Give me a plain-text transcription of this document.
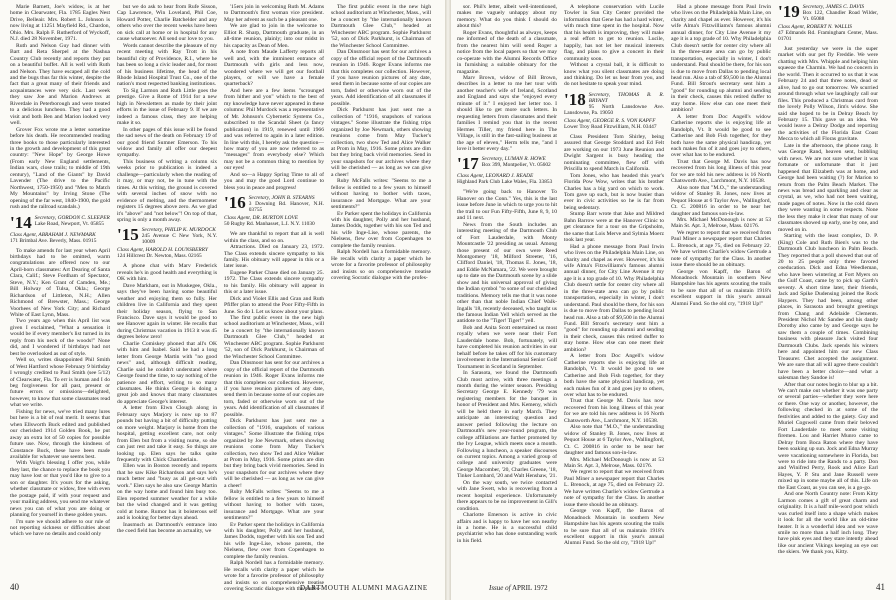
Marie Barnett, Joe's widow, is at her home in Clearwater, Fla. 1785 Eagles Nest Drive, Belleair. Mrs. Robert L. Johnson is now living at 11251 Mayfield Rd., Chardon, Ohio. Mrs. Ralph F. Rutherford of Wyckoff, N.J. died 28 November, 1971.

Ruth and Nelson Guy had dinner with Bart and Reta Sherpel at the Nashua Country Club recently and reports they put on a beautiful buffet. All is well with Ruth and Nelson. They have escaped all the cold and the bugs thus far this winter, despite the fact that a great many of their friends and acquaintances were very sick. Last week they saw Joe and Marion Andrews at Riverdale in Peterborough and were treated to a delicious luncheon. They had a good visit and both Ben and Marion looked very well.

Grover Fox wrote me a letter sometime before his death. He recommended reading three books to those particularly interested in the growth and development of this great country: "New Hope" by George Howe (From early New England settlements, Indian wars, close trails; to middle of 19th century), "Land of the Giants" by David Lavender (The drive to the Pacific Northwest, 1750-1950) and "Men to Match My Mountains" by Irving Stone (The opening of the far west, 1840-1900, the gold rush and the railroad scandals.)

'14 Secretary, GORDON C. SLEEPER
Lake Road, Newport, Vt. 05855
Class Agent, ABRAHAM J. NEWMARK
171 Brimbal Ave. Beverly, Mass. 01915

To make amends for last year when April birthdays had to be omitted, warm congratulations are offered now to our April-born classmates: Art Dearing of Santa Clara, Calif.; Steve Fordham of Spectator, Steve, N.Y.; Ken Grant of Camden, Me.; Bill Holway of Tulsa, Okla.; George Richardson of Littleton, N.H.; Allen Richmond of Brewster, Mass.; George Voorhees of New York City; and Richard White of East Lynn, Mass.

Two years ago when this April list was given I exclaimed, "What a sensation it would be if every member's list turned in its reply from his neck of the woods!" None did, and I wondered if birthdays had not best be overlooked as out of style.

Well so, writes disappointed Phil Smith of West Hartford whose February 9 birthday I wrongly credited to Paul Smith (see 5/12) of Clearwater, Fla. To err is human and I do beg forgiveness for all past, present or future errors or omissions—delighted, however, to know that some classmates read what we write.

Fishing for news, we've tried many lures but here is a bit of real merit. It seems that when Ellsworth Buck edited and published our cherished 1914 Golden Book, he put away an extra lot of 50 copies for possible future use. Now, through the kindness of Constance Buck, these have been made available for whatever use seems best.

With Voigt's blessing I offer you, while they last, the chance to replace the book you may have lost or that you'd like to give to a son or daughter. It's yours for the asking, whether classmate or widow, free with even the postage paid, if with your request and your mailing address, you send me whatever news you can of what you are doing or planning for yourself in these golden years.

I'm sure we should adhere to our rule of not reporting sickness or difficulties about which we have no details and could only

but we do ask to hear from Rufe Sisson, Cap Lawrence, Win Loveland, Phil Coe, Howard Potter, Charlie Batchelder and any others who over the recent weeks have been on sick call at home or in hospital for any cause whatsoever. All send our love to you.

Words cannot describe the pleasure of my recent meeting with Ray Trott in his beautiful city of Providence, R.I., where he has been so long a civic leader and, for most of his business lifetime, the head of the Rhode Island Hospital Trust Co., one of the nation's most respected banking institutions.

To Sig Larmon and Ruth Little goes the prestige. Give a Rome of 1914 for a new high in Newsletters as made by their joint efforts in the issue of February 9. If we are indeed a famous class, they are helping make it so.

In other pages of this issue will be found the sad news of the death on February 19 of our good friend Sumner Emerson. To his widow and family all offer our deepest sympathy.

This business of writing a column six weeks prior to publication is indeed a challenge—particularly when the reading of it may, or may not, be in tune with the times. At this writing, the ground is covered with several inches of snow with no evidence of melting, and the thermometer registers 15 degrees above zero. As we glad it's "above" and "not below"! On top of that, spring is only a month away.

'15 Secretary, PHILIP K. MURDOCK
245 Avenue C New York, N.Y. 10009
Class Agent, HAROLD H. LOUNSBERRY
124 Hillcrest Dr. Newton, Mass. 02165

A phone chat with Marv Frederick reveals he's in good health and everything is OK with him.

Dave Markham, out in Muskegee, Okla., says they've been having some beautiful weather and enjoying them so fully. Her children live in California and they spent their holiday season, flying to San Francisco. Dave says it would be good to see Hanover again in winter. He recalls that during Christmas vacation in 1913 it was 45 degrees below zero!

Charlie Comiskey phoned that all's OK with him and Isabel. Said he had a long letter from George Martin with "no good news" and, although difficult reading, Charlie said he couldn't understand where George found the time, to say nothing of the patience and effort, writing to so many classmates. He thinks George is doing a great job and knows that many classmates do appreciate George's interest.

A letter from Elwn Clough along in February says Marjory is now up to 87 pounds but having a bit of difficulty putting on more weight. Marjory is home from the hospital, getting excellent care, not only from Elen but from a visiting nurse, so she can just rest and take it easy. So things are looking up. Elen says he talks quite frequently with Chick Chamberlain.

Ellen was in Boston recently and reports that he saw Kike Richardson and says he's much better and "busy as all get-out with work." Elen says he also saw George Martin on the way home and found him busy too. Elen reported summer weather for a while but the wind changed and it was getting cold at home. Rumor has it boisterous self and is looking for better days ahead.

Inasmuch as Dartmouth's entrance into the coed field has become an actuality, we

'15ers join in welcoming Ruth M. Adams to Dartmouth's first woman vice president. May her advent as such be a pleasant one.

We are glad to join in the welcome to Elliot R. Sharp, Dartmouth graduate, in an all-time reunion, plainly; into our midst in his capacity as Dean of Men.

A note from Maude Lafferty reports all well and, with the imminent entrance of Dartmouth with girls and less now, wondered where we will get our football players, or will we have a female quarterback?

And here are a few items "scrounged from hither and yon" which to the best of my knowledge have never appeared in these columns: Phil Murdock was a representative of Mr. Johnson's Cybernetic Systems Co., subscribed to the Scandal Sheet (a fancy publication) in 1919, renewed until 1966 and was referred to again in a later edition. In line with this, I hereby ask the question—how many of you are now referred to as "messages" from everybody else? Which may not be a common thing to mention by our eyes!

And so—a Happy Spring Time to all of you and may the good Lord continue to bless you in peace and progress!

'16 Secretary, JOHN B. STEARNS
3 Downing Rd. Hanover, N.H. 03755
Class Agent, DR. BURTON LOVE
50 Rugby Rd. Manhasset, L.I. N.Y. 11030

We are thankful to report that all is well within the class, and so on.

Attractions. Died on January 23, 1972. The Class extends sincere sympathy to his family. His obituary will appear in this or a later issue.

Eugene Parker Chase died on January 25. 1972. The Class extends sincere sympathy to his family. His obituary will appear in this or a later issue.

Dick and Violet Ellis and Gran and Ruth Pfiffer plan to attend the Poor Fifty-Fifth in June. So do I. Let us know about your plans.

The first public event in the new high school auditorium at Winchester, Mass., will be a concert by "the internationally known Dartmouth Glee Club," headed at Winchester ABC program. Sophie Parkhurst '52, son of Dick Parkhurst, is Chairman of the Winchester School Committee.

Dan Dinsmoor has sent for our archives a copy of the official report of the Dartmouth reunion in 1946. Roger Evans informs me that this completes our collection. However, if you have reunion pictures of any date, send them in because some of our copies are torn, faded or otherwise worn out of the years. Add identification of all classmates if possible.

Dick Parkhurst has just sent me a collection of "1916, snapshots of various vintages." Some illustrate the fishing trips organized by Joe Newmark, others showing reunions come from May Tucker's collection, two show Ted and Alice Walker at Prom in May, 1916. Some prints are dim but they bring back vivid memories. Send in your snapshots for our archives where they will be cherished — as long as we can give a cheer!

Ruby McFalls writes: "Seems to me a fellow is entitled to a few years to himself without having to bother with taxes, insurance and Mortgage. What are your sentiments?"

Ev Parker spent the holidays in California with his daughter, Polly and her husband, James Dodds, together with his son Ted and his wife Inge-Lise, whose parents, the Nielsens, flew over from Copenhagen to complete the family reunion.

Ralph Nordell has a formidable memory. He recalls with clarity a paper which he wrote for a favorite professor of philosophy and insists so on comprehensive treatise covering Socratic dialogue with the profes-

The first public event in the new high school auditorium at Winchester, Mass., will be a concert by "the internationally known Dartmouth Glee Club," headed at Winchester ABC program. Sophie Parkhurst '52, son of Dick Parkhurst, is Chairman of the Winchester School Committee.

Dan Dinsmoor has sent for our archives a copy of the official report of the Dartmouth reunion in 1946. Roger Evans informs me that this completes our collection. However, if you have reunion pictures of any date, send them in because some of our copies are torn, faded or otherwise worn out of the years. Add identification of all classmates if possible.

Dick Parkhurst has just sent me a collection of "1916, snapshots of various vintages." Some illustrate the fishing trips organized by Joe Newmark, others showing reunions come from May Tucker's collection, two show Ted and Alice Walker at Prom in May, 1916. Some prints are dim but they bring back vivid memories. Send in your snapshots for our archives where they will be cherished — as long as we can give a cheer!

Ruby McFalls writes: "Seems to me a fellow is entitled to a few years to himself without having to bother with taxes, insurance and Mortgage. What are your sentiments?"

Ev Parker spent the holidays in California with his daughter, Polly and her husband, James Dodds, together with his son Ted and his wife Inge-Lise, whose parents, the Nielsens, flew over from Copenhagen to complete the family reunion.

Ralph Nordell has a formidable memory. He recalls with clarity a paper which he wrote for a favorite professor of philosophy and insists so on comprehensive treatise covering Socratic dialogue with the profes-

40	DARTMOUTH ALUMNI MAGAZINE

sor. Phil's letter, albeit well-intentioned, makes me vaguely unhappy about my memory. What do you think I should do about this?

Roger Evans, thoughtful as always, keeps me informed of the death of a classmate, from the nearest him will send Roger a notice from the local papers so that we may co-operate with the Alumni Records Office in furnishing a suitable obituary for the magazine.

Marv Brown, widow of Bill Brown, describes in a letter to me her tour with another teacher's wife of Ireland, Scotland and England and says she "enjoyed every minute of it." I enjoyed her letter too. I should like to get more such letters. In requesting letters from classmates and their families I remind you that in the recent Hermes Tiller, my friend here in The Village, is still in the fast-sailing business at the age of eleven," Herm tells me, "and I love it better every day."

'17 Secretary, LUMAN R. HOWE
Box 399, Montpelier, Vt. 05602
Class Agent, LEONARD J. READE
Highland Park Club Lake Wales, Fla. 33853

"We're going back to Hanover To Hanover on the Conn." Yes, this is the last issue before June in which to urge you to hit the trail to our Fun Fifty-Fifth, June 8, 9, 10 and 11 next.

News from the South includes an interesting meeting of the Dartmouth Club of Fort Lauderdale, with Monty Mountcastle '22 presiding as usual. Among those present of our own were Reed Montgomery '18, Milford Streeter, '16, Clifford Daniel, '18, Thomas E. Jones, '18, and Eddie McNamara, '22. We were brought up to date on the Dartmouth scene by a slide show and his universal approval of giving the Indian symbol "to some of our cherished traditions. Memory tells me that it was none other than that noble Indian Chief Walk-Ingalls '18, recently deceased, who taught us the famous Indian Yell which served as the antidote to the "Tiger! Tiger!" yell.

Bob and Anita Scott entertained us most royally when we were near their Fort Lauderdale home. Bob, fortunately, will have completed his reunion activities in our behalf before he takes off for his customary involvement in the International Senior Golf Tournament in Scotland in September.

In Sarasota, we found the Dartmouth Club most active, with three meetings a month during the winter season. Presiding Secretary George E. Kennedy '79 was registering members for the banquet in honor of President and Mrs. Kemeny, which will be held there in early March. They anticipate an interesting question and answer period following the lecture on Dartmouth's new year-round program, the college affiliations are further promoted by the Ivy League, which meets once a month. Following a luncheon, a speaker discourses on current topics. Among a varied group of college and university graduates were George Macomber, '20, Charles Greene, '18, Tinker Lombard, '20 and Walt Henshaw, '21.

On the way south, we twice contacted with Jane Swett, who is recovering from a recent hospital experience. Unfortunately there appears to be no improvement in Gill's condition.

Charlotte Emerson is active in civic affairs and is happy to have her son nearby in a home. He is a successful child psychiatrist who has done outstanding work in his field.

A telephone conservation with Lucile Towler in Sun City Center provided the information that Gene has had a hard winter, with much time spent in the hospital. Now that his health is improving, they will make a real effort to get to reunion. Lucile, happily, has not let her musical interests flag, and plans to give a concert in their community soon.

Without a crystal ball, it is difficult to know what you silent classmates are doing and thinking. Do let us hear from you, and do not hesitate to speak your mind.

'18 Secretary, THOMAS B. R. BRYANT
95 North Lansdowne Ave. Lansdowne, Pa. 19050
Class Agent, GEORGE R. S. VON KAPFF
Lower Troy Road Fitzwilliam, N.H. 03447

Class President Tom Shirley, being assured that George Stoddard and Ed Felt are working on our 1973 June Reunion and Dwight Sargent is busy heading the nominating committee, flew off with Priscilla to spend March in California.

Tom Jones, who has headed this year's Florida Pow Wow, writes that his brother Charles has a big yard on which to work. Tom gave up such, but is now busier than ever in civic activities so he is far from being sedentary.

Stump Barr wrote that Jake and Mildred Bahn Barrow were at the Hanover Clinic to get clearance for a tour on the Gripsholm, the same that Lois Merve and Sylmia Moerz took last year.

Had a phone message from Paul Irwin who lives on the Philadelphia Main Line, on charity and chapel as ever. However, it's his wife Alma's Fitzwilliams's famous alumni annual dinner, for City Line Avenue it my age it is a top grade of 10. Why Philadelphia Club doesn't settle for center city where all in the three-state area can go by public transportation, especially in winter, I don't understand. Paul should be there, for his son is due to move from Dallas to pending local head run. Also a tab of $9,500 in the Alumni Fund. Bill Strout's secretary sent him a "good" for rounding up alumni and sending in their check, causes this retired duffer to stay home. How else can one meet their ambition?

A letter from Doc Angell's widow Catherine reports she is enjoying life at Randolph, Vt. It would be good to see Catherine and Bob Fish together, for they both have the same physical handicap, yet each makes fun of it and goes joy to others, over what has to be endured.

Trust that George M. Davis has now recovered from his long illness of this year for we are told his new address is 16 North Chatsworth Ave., Larchmont, N.Y. 10538.

Also note that "M.O.," the understanding widow of Stanley B. Jones, now lives at Pequot House at 6 Taylor Ave., Wallingford, Ct. C. 200816 in order to be near her daughter and famous son-in-law.

Mrs. Michael McDonough is now at 53 Main St. Apt. 3, Melrose, Mass. 02176.

We regret to report that we received from Paul Miner a newspaper report that Charles L. Brenock, at age 75, died on February 22. We have written Charlie's widow Gertrude a note of sympathy for the Class. In another issue there should be an obituary.

George von Kapff, the Baron of Monadnock Mountain in southern New Hampshire has his agents scouting the trails to be sure that all of us maintain 1918's excellent support in this year's annual Alumni Fund. So the old cry, "1918 Up!"

Had a phone message from Paul Irwin who lives on the Philadelphia Main Line, on charity and chapel as ever. However, it's his wife Alma's Fitzwilliams's famous alumni annual dinner, for City Line Avenue it my age it is a top grade of 10. Why Philadelphia Club doesn't settle for center city where all in the three-state area can go by public transportation, especially in winter, I don't understand. Paul should be there, for his son is due to move from Dallas to pending local head run. Also a tab of $9,500 in the Alumni Fund. Bill Strout's secretary sent him a "good" for rounding up alumni and sending in their check, causes this retired duffer to stay home. How else can one meet their ambition?

A letter from Doc Angell's widow Catherine reports she is enjoying life at Randolph, Vt. It would be good to see Catherine and Bob Fish together, for they both have the same physical handicap, yet each makes fun of it and goes joy to others, over what has to be endured.

Trust that George M. Davis has now recovered from his long illness of this year for we are told his new address is 16 North Chatsworth Ave., Larchmont, N.Y. 10538.

Also note that "M.O.," the understanding widow of Stanley B. Jones, now lives at Pequot House at 6 Taylor Ave., Wallingford, Ct. C. 200816 in order to be near her daughter and famous son-in-law.

Mrs. Michael McDonough is now at 53 Main St. Apt. 3, Melrose, Mass. 02176.

We regret to report that we received from Paul Miner a newspaper report that Charles L. Brenock, at age 75, died on February 22. We have written Charlie's widow Gertrude a note of sympathy for the Class. In another issue there should be an obituary.

George von Kapff, the Baron of Monadnock Mountain in southern New Hampshire has his agents scouting the trails to be sure that all of us maintain 1918's excellent support in this year's annual Alumni Fund. So the old cry, "1918 Up!"

'19 Secretary, JAMES C. DAVIS
Box 122, Chandler Road Wilder, Vt. 05088
Class Agent, ROBERT N. WALLIS
47 Edmands Rd. Framingham Center, Mass. 01701

Just yesterday we were in the super market with our pet fly Freddie. We were chatting with Mrs. Whipple and helping him squeeze the Charmin. We had no concern in the world. Then it occurred to us that it was February 24 and that three notes, dead or alive, had to go out tomorrow. We scurried around through what we laughingly call our files. This produced a Christmas card from the lovely Polly Wilson, Jim's widow. She said she hoped to be in Delray Beach by February 15. This gave us an idea. We would leave a Delray Dodge and reporting the activities of the Florida East Coast Mecca to which all Floras gravitate.

Late in the afternoon, the phone rang. It was George Rand, heaven sent, bubbling with news. We are not sure whether it was fortunate or unfortunate that it just happened that Elizabeth was at home, and George had been waiting (?) for Marion to return from the Palm Beach Market. The news was bread and sparkling and clear as crystal, as we, who had not been waiting, made pages of notes. Now in the cold dawn they were wanting in some respects. None the less they make it clear that many of our classmates showed up early, one by one, and moved on in.

Starting with the least complex, D. P. (King) Cole and Ruth Bien's was to the Dartmouth Club luncheon in Palm Beach. They reported that a poll showed that out of 20 to 25 people only three favored coeducation. Dick and Edna Weedleman, who have been wintering at Fort Myers on the Gulf Coast, came by to pick up Garth's seventy. A short time later, their friends, Jack and Spike Dudensing joined the Rock Haypers. They had been, among other places, in Sarasota and brought greetings from Chang and Adelaide Clements. President Nichol Mc Sandee and his dandy Dorothy also came by and George says he saw them a couple of times. Combining business with pleasure Jack visited four Dartmouth Clubs. Jack spends his winters here and appointed him our new Class Treasurer. Chet accepted the assignment. We are sure that all will agree there couldn't have been a better choice—and what a salesman they Sandoe is!

After that our notes begin to blur up a bit. We can't make out whether it was one party or several parties—whether they were here or there. One way or another, however, the following checked in at some of the festivities and added to the gaiety. Guy and Muriel Cogswell came from their beloved Fort Lauderdale to meet some visiting firemen. Lou and Harriet Munro came to Delray from Boca Raton where they have been soaking up sun. Jock and Edna Murray were vacationing somewhere in Florida, but were to ride into the Rands to a party. Don and Winifred Perry, Rook and Alice Earl Hayes, Y. P. Stu and Jane Russell were mixed up in some maybe all of this. Life on the East Coast, as you can see, is a go-go.

And one North Country note: From Kitty Larmon comes a gift of great charm and originality. It is a half mile-word post which was curled itself into a shape which makes it look for all the world like an old-time heater. It is a wonderful idea and we wave smile no more than a half inch long. They have pink eyes and they stare intently ahead like our ancient Vikings keeping an eye out the skiers. We thank you, Kitty.

Issue of APRIL 1972	41
